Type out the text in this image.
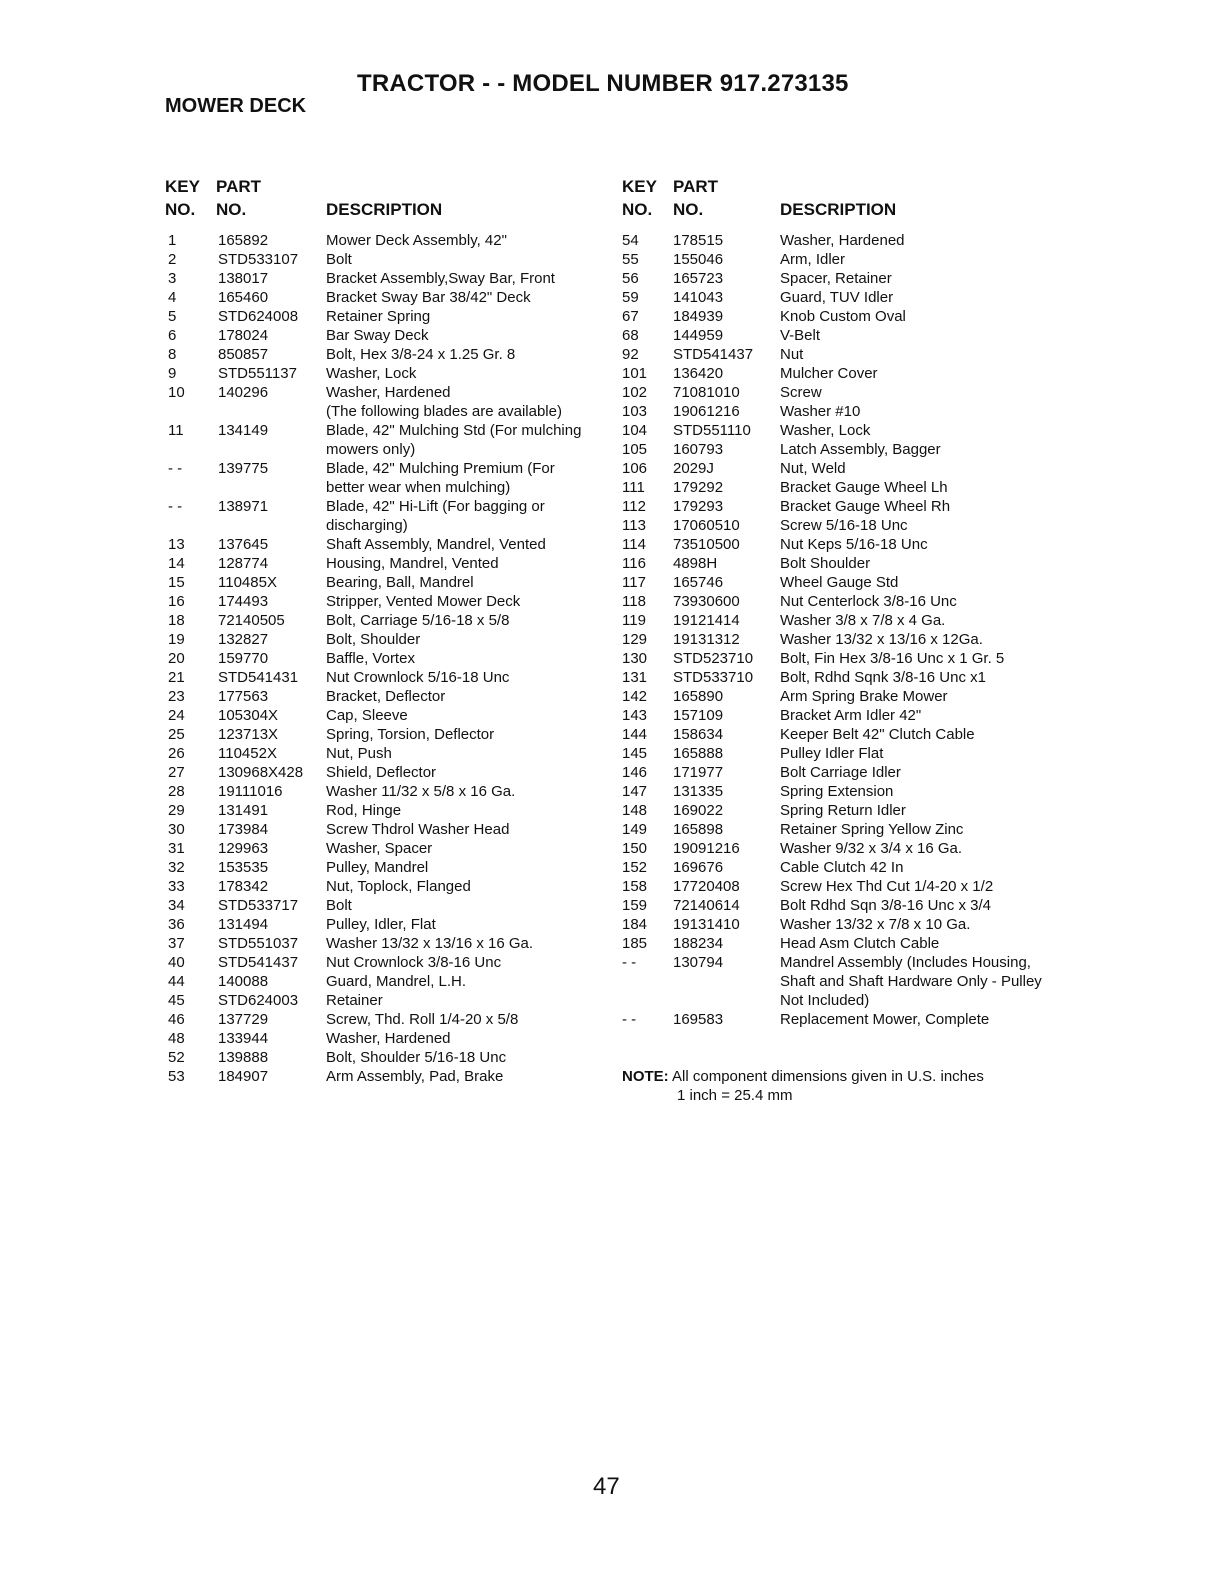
TRACTOR - - MODEL NUMBER 917.273135
MOWER DECK
KEY PART
NO. NO.	DESCRIPTION
KEY PART
NO. NO.	DESCRIPTION
1	165892	Mower Deck Assembly, 42"
2	STD533107 Bolt
3	138017	Bracket Assembly,Sway Bar, Front
4	165460	Bracket Sway Bar 38/42" Deck
5	STD624008 Retainer Spring
6	178024	Bar Sway Deck
8	850857	Bolt, Hex 3/8-24 x 1.25 Gr. 8
9	STD551137 Washer, Lock
10 140296	Washer, Hardened
(The following blades are available)
11 134149	Blade, 42" Mulching Std (For mulching mowers only)
- - 139775	Blade, 42" Mulching Premium (For better wear when mulching)
- - 138971	Blade, 42" Hi-Lift (For bagging or discharging)
13 137645	Shaft Assembly, Mandrel, Vented
14 128774	Housing, Mandrel, Vented
15 110485X	Bearing, Ball, Mandrel
16 174493	Stripper, Vented Mower Deck
18 72140505	Bolt, Carriage 5/16-18 x 5/8
19 132827	Bolt, Shoulder
20 159770	Baffle, Vortex
21 STD541431 Nut Crownlock 5/16-18 Unc
23 177563	Bracket, Deflector
24 105304X	Cap, Sleeve
25 123713X	Spring, Torsion, Deflector
26 110452X	Nut, Push
27 130968X428 Shield, Deflector
28 19111016	Washer 11/32 x 5/8 x 16 Ga.
29 131491	Rod, Hinge
30 173984	Screw Thdrol Washer Head
31 129963	Washer, Spacer
32 153535	Pulley, Mandrel
33 178342	Nut, Toplock, Flanged
34 STD533717 Bolt
36 131494	Pulley, Idler, Flat
37 STD551037 Washer 13/32 x 13/16 x 16 Ga.
40 STD541437 Nut Crownlock 3/8-16 Unc
44 140088	Guard, Mandrel, L.H.
45 STD624003 Retainer
46 137729	Screw, Thd. Roll 1/4-20 x 5/8
48 133944	Washer, Hardened
52 139888	Bolt, Shoulder 5/16-18 Unc
53 184907	Arm Assembly, Pad, Brake
54 178515	Washer, Hardened
55 155046	Arm, Idler
56 165723	Spacer, Retainer
59 141043	Guard, TUV Idler
67 184939	Knob Custom Oval
68 144959	V-Belt
92 STD541437 Nut
101 136420	Mulcher Cover
102 71081010	Screw
103 19061216	Washer #10
104 STD551110 Washer, Lock
105 160793	Latch Assembly, Bagger
106 2029J	Nut, Weld
111 179292	Bracket Gauge Wheel Lh
112 179293	Bracket Gauge Wheel Rh
113 17060510	Screw 5/16-18 Unc
114 73510500	Nut Keps 5/16-18 Unc
116 4898H	Bolt Shoulder
117 165746	Wheel Gauge Std
118 73930600	Nut Centerlock 3/8-16 Unc
119 19121414	Washer 3/8 x 7/8 x 4 Ga.
129 19131312	Washer 13/32 x 13/16 x 12Ga.
130 STD523710 Bolt, Fin Hex 3/8-16 Unc x 1 Gr. 5
131 STD533710 Bolt, Rdhd Sqnk 3/8-16 Unc x1
142 165890	Arm Spring Brake Mower
143 157109	Bracket Arm Idler 42"
144 158634	Keeper Belt 42" Clutch Cable
145 165888	Pulley Idler Flat
146 171977	Bolt Carriage Idler
147 131335	Spring Extension
148 169022	Spring Return Idler
149 165898	Retainer Spring Yellow Zinc
150 19091216	Washer 9/32 x 3/4 x 16 Ga.
152 169676	Cable Clutch 42 In
158 17720408	Screw Hex Thd Cut 1/4-20 x 1/2
159 72140614	Bolt Rdhd Sqn 3/8-16 Unc x 3/4
184 19131410	Washer 13/32 x 7/8 x 10 Ga.
185 188234	Head Asm Clutch Cable
- - 130794	Mandrel Assembly (Includes Housing, Shaft and Shaft Hardware Only - Pulley Not Included)
- - 169583	Replacement Mower, Complete
NOTE: All component dimensions given in U.S. inches
1 inch = 25.4 mm
47
